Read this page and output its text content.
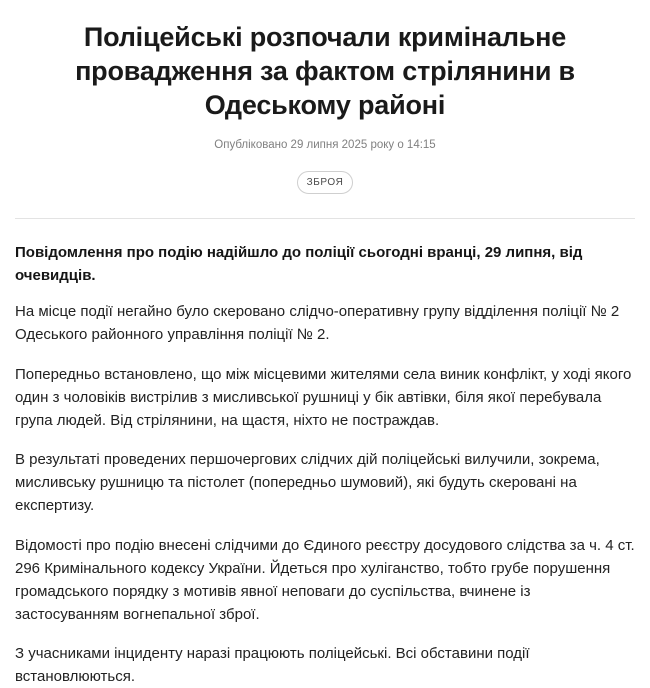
Поліцейські розпочали кримінальне провадження за фактом стрілянини в Одеському районі
Опубліковано 29 липня 2025 року о 14:15
ЗБРОЯ

Повідомлення про подію надійшло до поліції сьогодні вранці, 29 липня, від очевидців.

На місце події негайно було скеровано слідчо-оперативну групу відділення поліції № 2 Одеського районного управління поліції № 2.

Попередньо встановлено, що між місцевими жителями села виник конфлікт, у ході якого один з чоловіків вистрілив з мисливської рушниці у бік автівки, біля якої перебувала група людей. Від стрілянини, на щастя, ніхто не постраждав.

В результаті проведених першочергових слідчих дій поліцейські вилучили, зокрема, мисливську рушницю та пістолет (попередньо шумовий), які будуть скеровані на експертизу.

Відомості про подію внесені слідчими до Єдиного реєстру досудового слідства за ч. 4 ст. 296 Кримінального кодексу України. Йдеться про хуліганство, тобто грубе порушення громадського порядку з мотивів явної неповаги до суспільства, вчинене із застосуванням вогнепальної зброї.

З учасниками інциденту наразі працюють поліцейські. Всі обставини події встановлюються.
